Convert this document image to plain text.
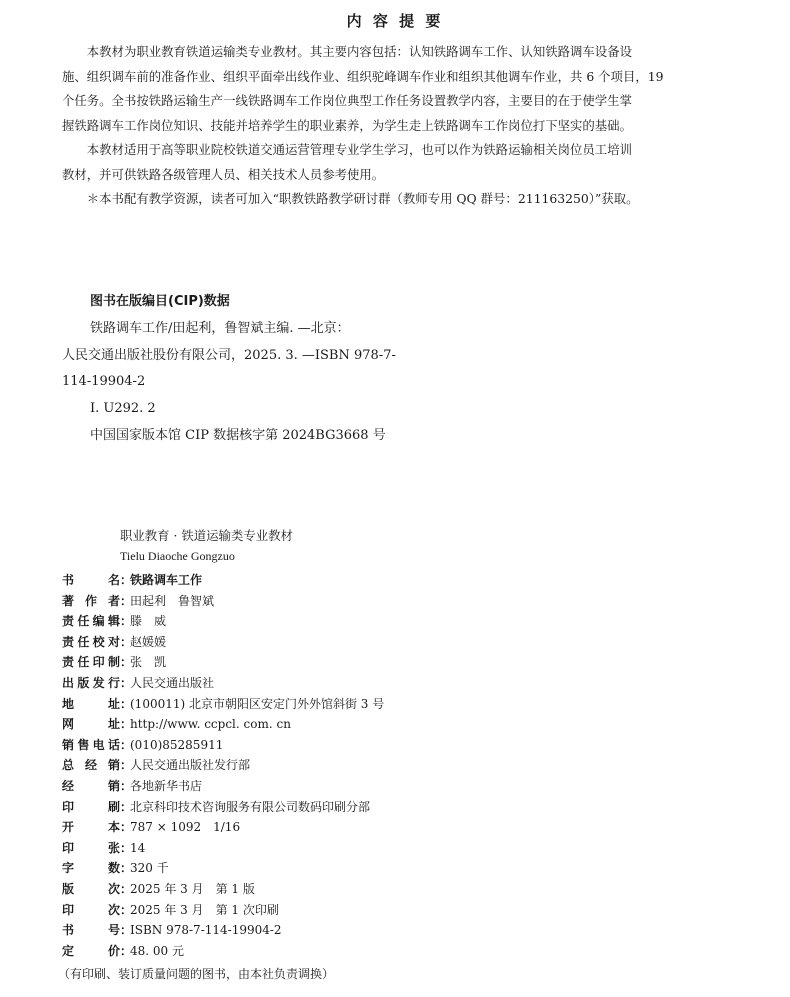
内 容 提 要

本教材为职业教育铁道运输类专业教材。其主要内容包括：认知铁路调车工作、认知铁路调车设备设

施、组织调车前的准备作业、组织平面牵出线作业、组织驼峰调车作业和组织其他调车作业，共 6 个项目，19

个任务。全书按铁路运输生产一线铁路调车工作岗位典型工作任务设置教学内容，主要目的在于使学生掌

握铁路调车工作岗位知识、技能并培养学生的职业素养，为学生走上铁路调车工作岗位打下坚实的基础。

本教材适用于高等职业院校铁道交通运营管理专业学生学习，也可以作为铁路运输相关岗位员工培训

教材，并可供铁路各级管理人员、相关技术人员参考使用。

＊本书配有教学资源，读者可加入“职教铁路教学研讨群（教师专用 QQ 群号：211163250）”获取。

图书在版编目(CIP)数据
铁路调车工作/田起利，鲁智斌主编. —北京：
人民交通出版社股份有限公司，2025. 3. —ISBN 978-7-
114-19904-2
Ⅰ. U292. 2
中国国家版本馆 CIP 数据核字第 2024BG3668 号
职业教育 · 铁道运输类专业教材
Tielu Diaoche Gongzuo
书名 ：
铁路调车工作
著作者 ：
田起利　鲁智斌
责任编辑 ：
滕　威
责任校对 ：
赵媛媛
责任印制 ：
张　凯
出版发行 ：
人民交通出版社
地址 ：
(100011) 北京市朝阳区安定门外外馆斜街 3 号
网址 ：
http://www. ccpcl. com. cn
销售电话 ：
(010)85285911
总经销 ：
人民交通出版社发行部
经销 ：
各地新华书店
印刷 ：
北京科印技术咨询服务有限公司数码印刷分部
开本 ：
787 × 1092　1/16
印张 ：
14
字数 ：
320 千
版次 ：
2025 年 3 月　第 1 版
印次 ：
2025 年 3 月　第 1 次印刷
书号 ：
ISBN 978-7-114-19904-2
定价 ：
48. 00 元
（有印刷、装订质量问题的图书，由本社负责调换）
